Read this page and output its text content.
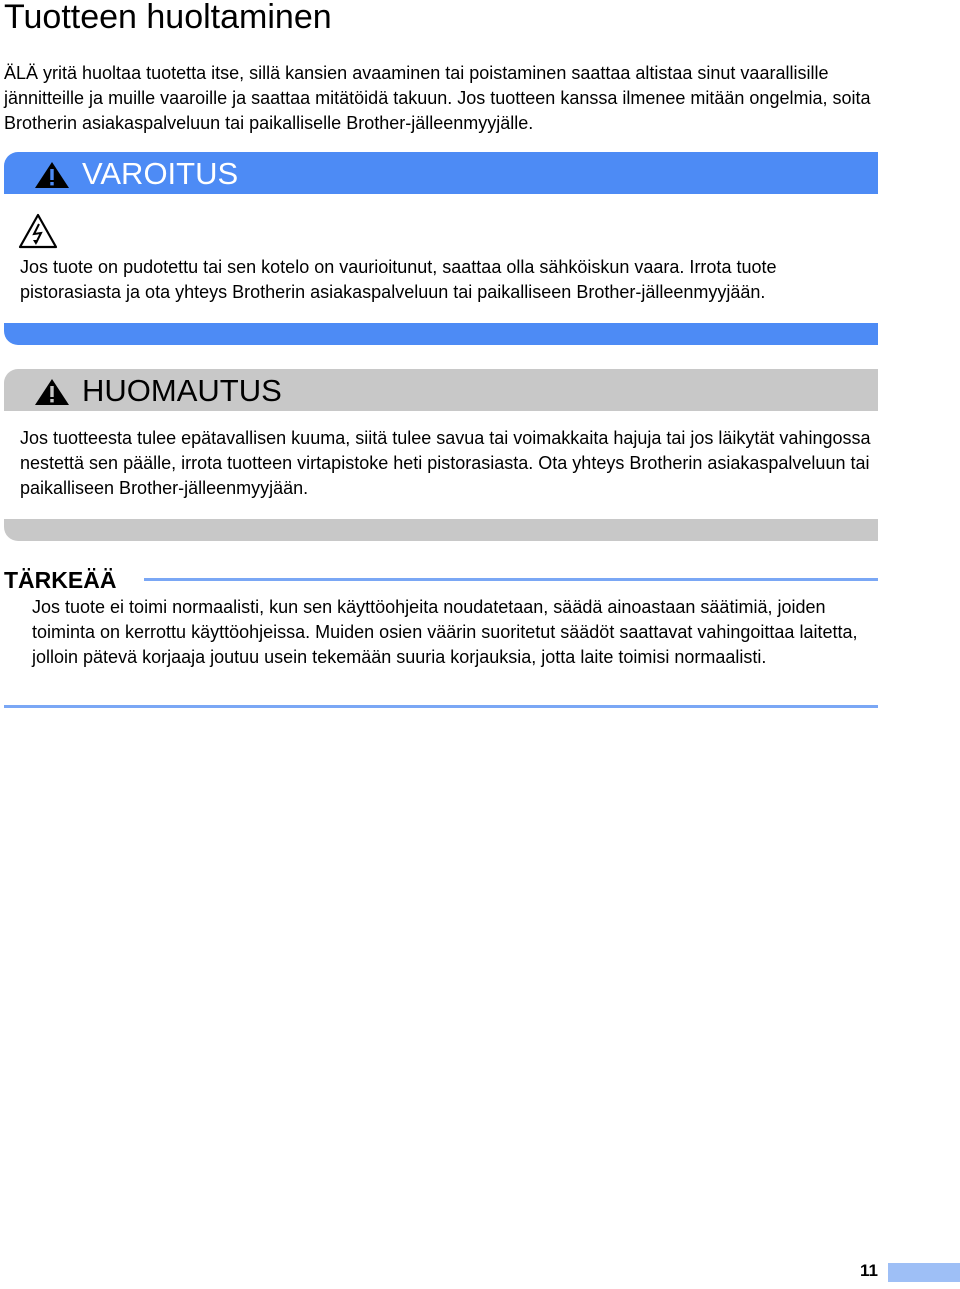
Tuotteen huoltaminen

ÄLÄ yritä huoltaa tuotetta itse, sillä kansien avaaminen tai poistaminen saattaa altistaa sinut vaarallisille jännitteille ja muille vaaroille ja saattaa mitätöidä takuun. Jos tuotteen kanssa ilmenee mitään ongelmia, soita Brotherin asiakaspalveluun tai paikalliselle Brother-jälleenmyyjälle.

VAROITUS

Jos tuote on pudotettu tai sen kotelo on vaurioitunut, saattaa olla sähköiskun vaara. Irrota tuote pistorasiasta ja ota yhteys Brotherin asiakaspalveluun tai paikalliseen Brother-jälleenmyyjään.

HUOMAUTUS

Jos tuotteesta tulee epätavallisen kuuma, siitä tulee savua tai voimakkaita hajuja tai jos läikytät vahingossa nestettä sen päälle, irrota tuotteen virtapistoke heti pistorasiasta. Ota yhteys Brotherin asiakaspalveluun tai paikalliseen Brother-jälleenmyyjään.

TÄRKEÄÄ

Jos tuote ei toimi normaalisti, kun sen käyttöohjeita noudatetaan, säädä ainoastaan säätimiä, joiden toiminta on kerrottu käyttöohjeissa. Muiden osien väärin suoritetut säädöt saattavat vahingoittaa laitetta, jolloin pätevä korjaaja joutuu usein tekemään suuria korjauksia, jotta laite toimisi normaalisti.

11
